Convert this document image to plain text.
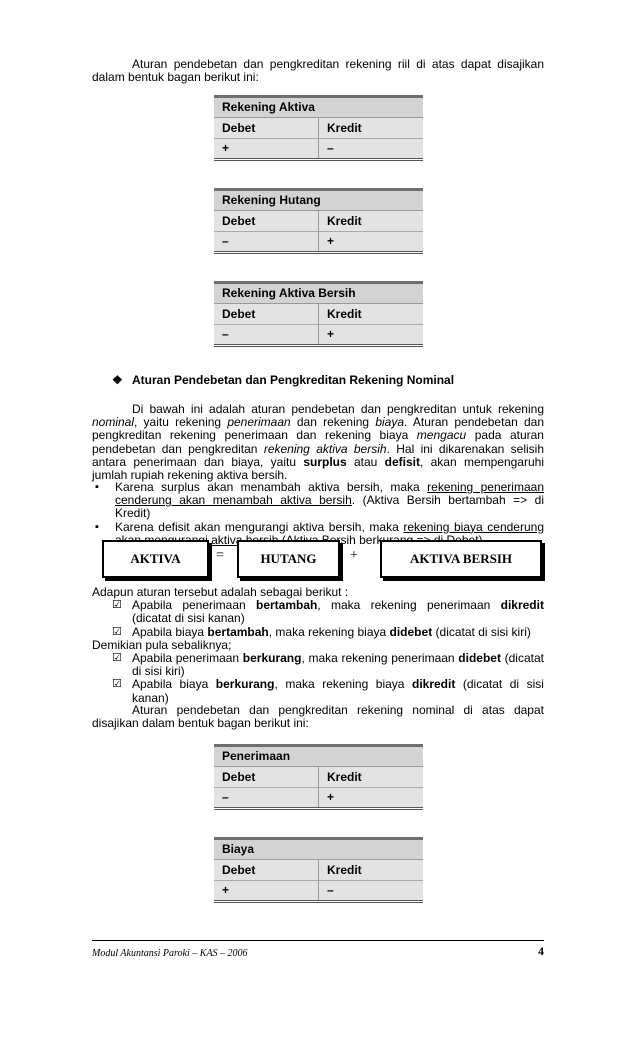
Aturan pendebetan dan pengkreditan rekening riil di atas dapat disajikan dalam bentuk bagan berikut ini:
Rekening Aktiva
Debet	Kredit
+	–
Rekening Hutang
Debet	Kredit
–	+
Rekening Aktiva Bersih
Debet	Kredit
–	+
❖ Aturan Pendebetan dan Pengkreditan Rekening Nominal
Di bawah ini adalah aturan pendebetan dan pengkreditan untuk rekening nominal, yaitu rekening penerimaan dan rekening biaya. Aturan pendebetan dan pengkreditan rekening penerimaan dan rekening biaya mengacu pada aturan pendebetan dan pengkreditan rekening aktiva bersih. Hal ini dikarenakan selisih antara penerimaan dan biaya, yaitu surplus atau defisit, akan mempengaruhi jumlah rupiah rekening aktiva bersih.
▪ Karena surplus akan menambah aktiva bersih, maka rekening penerimaan cenderung akan menambah aktiva bersih. (Aktiva Bersih bertambah => di Kredit)
▪ Karena defisit akan mengurangi aktiva bersih, maka rekening biaya cenderung aktiva
AKTIVA	=	HUTANG	+	AKTIVA BERSIH
Adapun aturan tersebut adalah sebagai berikut :
☑ Apabila penerimaan bertambah, maka rekening penerimaan dikredit (dicatat di sisi kanan)
☑ Apabila biaya bertambah, maka rekening biaya didebet (dicatat di sisi kiri)
Demikian pula sebaliknya;
☑ Apabila penerimaan berkurang, maka rekening penerimaan didebet (dicatat di sisi kiri)
☑ Apabila biaya berkurang, maka rekening biaya dikredit (dicatat di sisi kanan)
Aturan pendebetan dan pengkreditan rekening nominal di atas dapat disajikan dalam bentuk bagan berikut ini:
Penerimaan
Debet	Kredit
–	+
Biaya
Debet	Kredit
+	–
Modul Akuntansi Paroki – KAS – 2006	4
